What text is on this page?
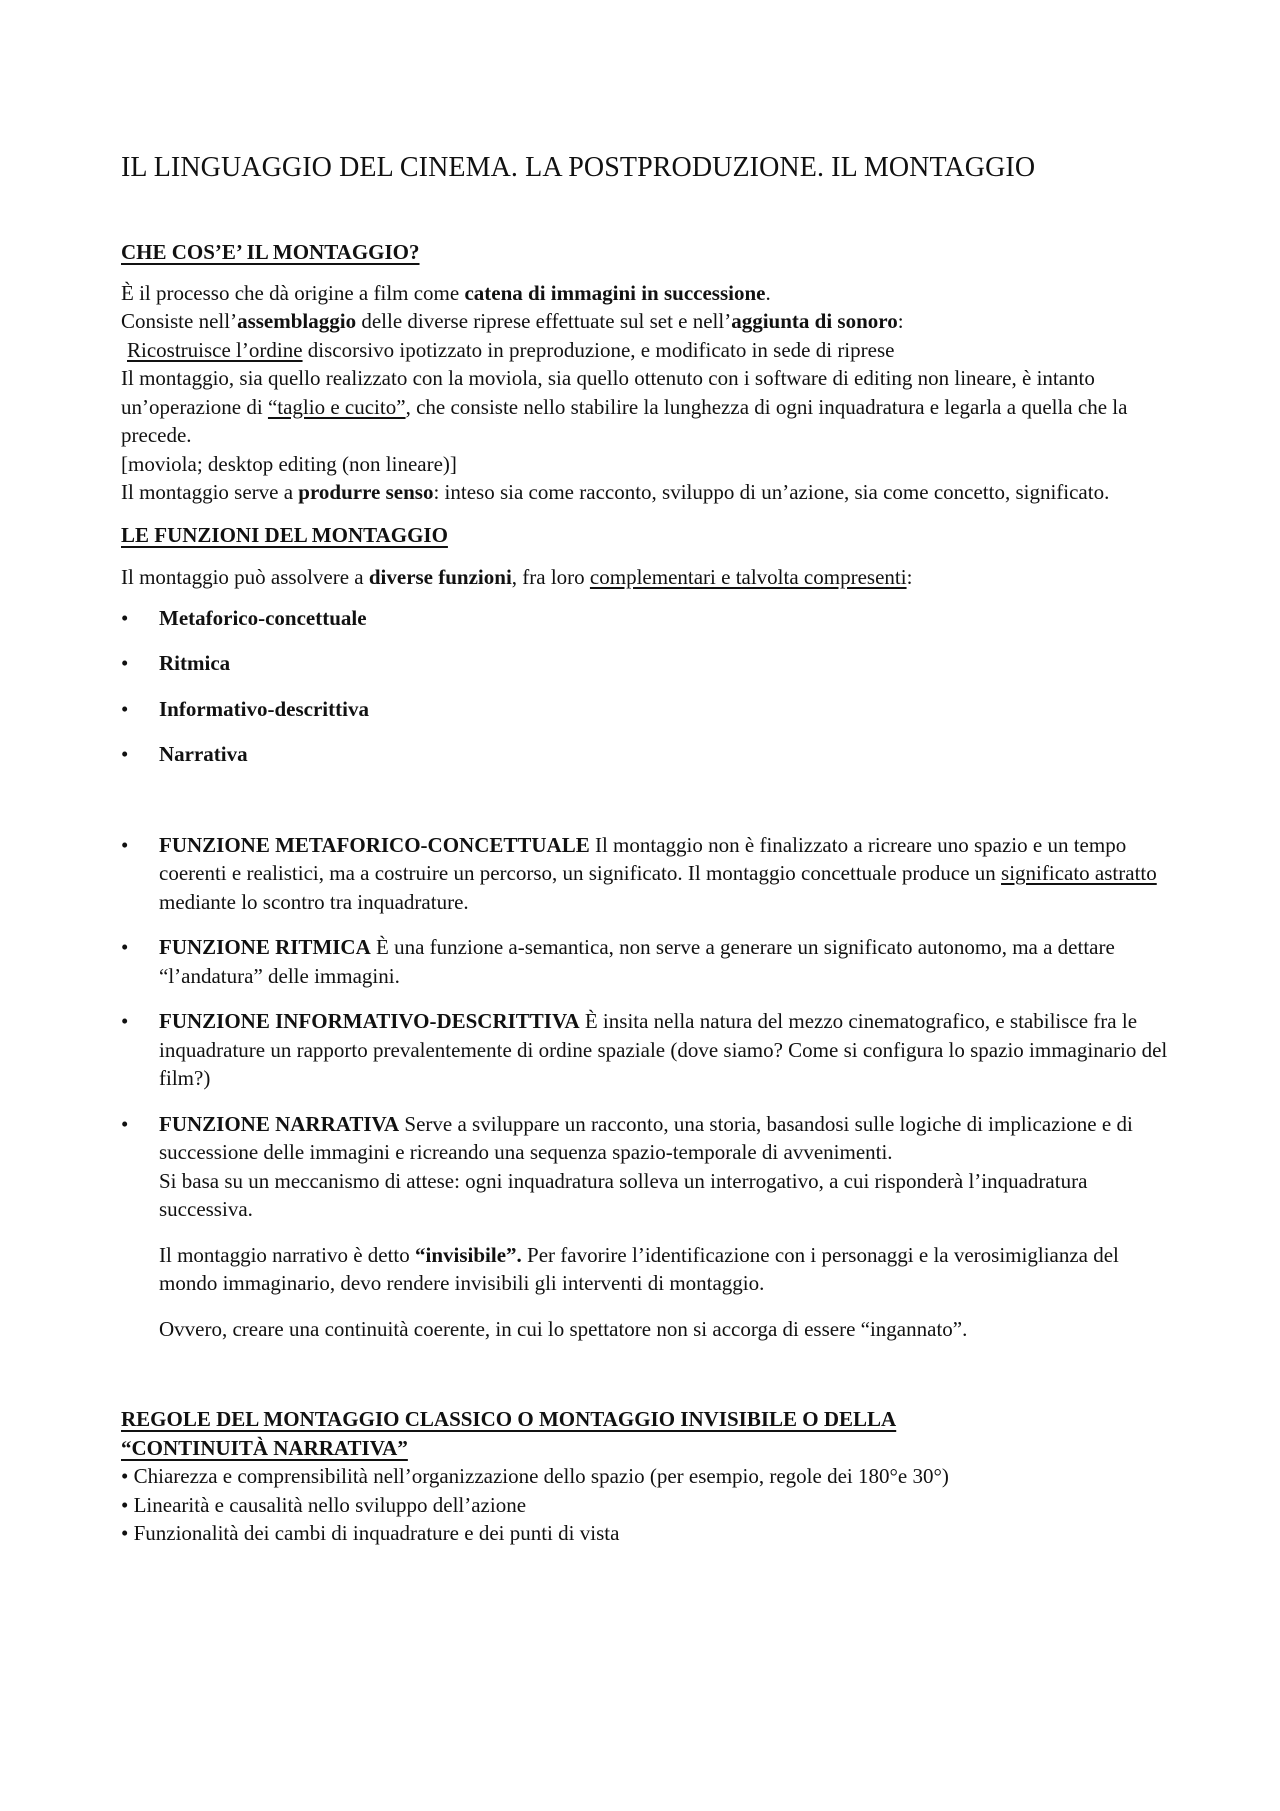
IL LINGUAGGIO DEL CINEMA. LA POSTPRODUZIONE. IL MONTAGGIO
CHE COS’E’ IL MONTAGGIO?

È il processo che dà origine a film come catena di immagini in successione.

Consiste nell’assemblaggio delle diverse riprese effettuate sul set e nell’aggiunta di sonoro:

Ricostruisce l’ordine discorsivo ipotizzato in preproduzione, e modificato in sede di riprese

Il montaggio, sia quello realizzato con la moviola, sia quello ottenuto con i software di editing non lineare, è intanto un’operazione di “taglio e cucito”, che consiste nello stabilire la lunghezza di ogni inquadratura e legarla a quella che la precede.

[moviola; desktop editing (non lineare)]

Il montaggio serve a produrre senso: inteso sia come racconto, sviluppo di un’azione, sia come concetto, significato.

LE FUNZIONI DEL MONTAGGIO

Il montaggio può assolvere a diverse funzioni, fra loro complementari e talvolta compresenti:

• Metaforico-concettuale
• Ritmica
• Informativo-descrittiva
• Narrativa
• FUNZIONE METAFORICO-CONCETTUALE Il montaggio non è finalizzato a ricreare uno spazio e un tempo coerenti e realistici, ma a costruire un percorso, un significato. Il montaggio concettuale produce un significato astratto mediante lo scontro tra inquadrature.
• FUNZIONE RITMICA È una funzione a-semantica, non serve a generare un significato autonomo, ma a dettare “l’andatura” delle immagini.
• FUNZIONE INFORMATIVO-DESCRITTIVA È insita nella natura del mezzo cinematografico, e stabilisce fra le inquadrature un rapporto prevalentemente di ordine spaziale (dove siamo? Come si configura lo spazio immaginario del film?)
• FUNZIONE NARRATIVA Serve a sviluppare un racconto, una storia, basandosi sulle logiche di implicazione e di successione delle immagini e ricreando una sequenza spazio-temporale di avvenimenti.
Si basa su un meccanismo di attese: ogni inquadratura solleva un interrogativo, a cui risponderà l’inquadratura successiva.

Il montaggio narrativo è detto “invisibile”. Per favorire l’identificazione con i personaggi e la verosimiglianza del mondo immaginario, devo rendere invisibili gli interventi di montaggio.

Ovvero, creare una continuità coerente, in cui lo spettatore non si accorga di essere “ingannato”.

REGOLE DEL MONTAGGIO CLASSICO O MONTAGGIO INVISIBILE O DELLA
“CONTINUITÀ NARRATIVA”

• Chiarezza e comprensibilità nell’organizzazione dello spazio (per esempio, regole dei 180°e 30°)

• Linearità e causalità nello sviluppo dell’azione

• Funzionalità dei cambi di inquadrature e dei punti di vista
